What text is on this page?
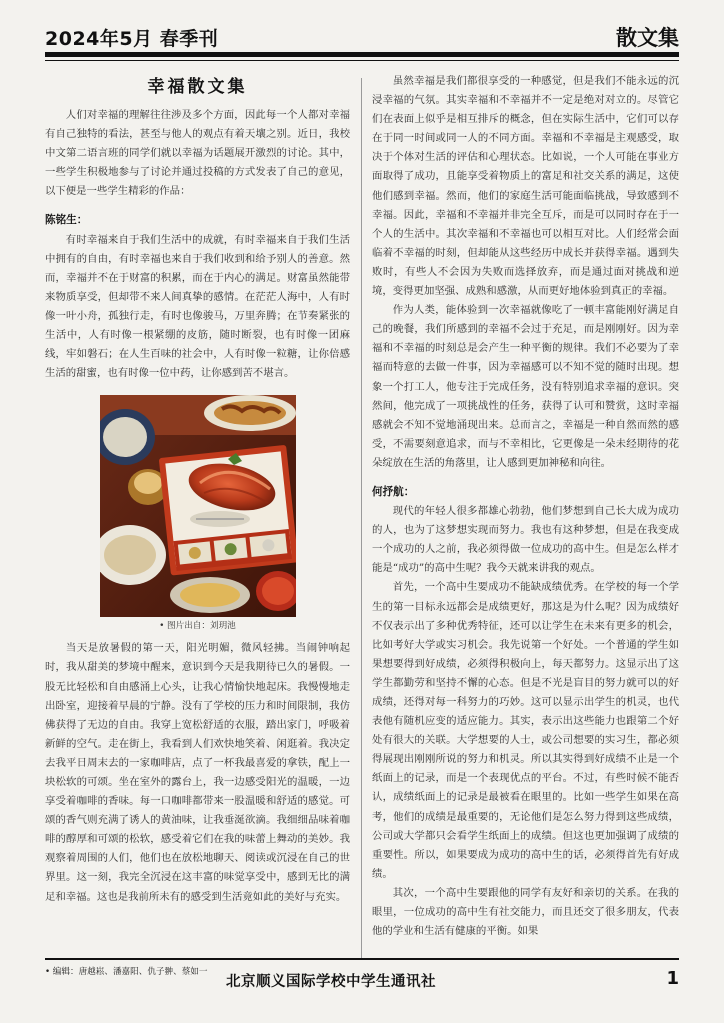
2024年5月 春季刊	散文集
幸福散文集

人们对幸福的理解往往涉及多个方面，因此每一个人都对幸福有自己独特的看法，甚至与他人的观点有着天壤之别。近日，我校中文第二语言班的同学们就以幸福为话题展开激烈的讨论。其中，一些学生积极地参与了讨论并通过投稿的方式发表了自己的意见，以下便是一些学生精彩的作品：

陈铭生：

有时幸福来自于我们生活中的成就，有时幸福来自于我们生活中拥有的自由，有时幸福也来自于我们收到和给予别人的善意。然而，幸福并不在于财富的积累，而在于内心的满足。财富虽然能带来物质享受，但却带不来人间真挚的感情。在茫茫人海中，人有时像一叶小舟，孤独行走，有时也像骏马，万里奔腾；在节奏紧张的生活中，人有时像一根紧绷的皮筋，随时断裂，也有时像一团麻线，牢如磐石；在人生百味的社会中，人有时像一粒糖，让你倍感生活的甜蜜，也有时像一位中药，让你感到苦不堪言。

• 图片出自：刘玥池

当天是放暑假的第一天，阳光明媚，微风轻拂。当闹钟响起时，我从甜美的梦境中醒来，意识到今天是我期待已久的暑假。一股无比轻松和自由感涌上心头，让我心情愉快地起床。我慢慢地走出卧室，迎接着早晨的宁静。没有了学校的压力和时间限制，我仿佛获得了无边的自由。我穿上宽松舒适的衣服，踏出家门，呼吸着新鲜的空气。走在街上，我看到人们欢快地笑着、闲逛着。我决定去我平日周末去的一家咖啡店，点了一杯我最喜爱的拿铁，配上一块松软的可颂。坐在室外的露台上，我一边感受阳光的温暖，一边享受着咖啡的香味。每一口咖啡都带来一股温暖和舒适的感觉。可颂的香气则充满了诱人的黄油味，让我垂涎欲滴。我细细品味着咖啡的醇厚和可颂的松软，感受着它们在我的味蕾上舞动的美妙。我观察着周围的人们，他们也在放松地聊天、阅读或沉浸在自己的世界里。这一刻，我完全沉浸在这丰富的味觉享受中，感到无比的满足和幸福。这也是我前所未有的感受到生活竟如此的美好与充实。

虽然幸福是我们都很享受的一种感觉，但是我们不能永远的沉浸幸福的气氛。其实幸福和不幸福并不一定是绝对对立的。尽管它们在表面上似乎是相互排斥的概念，但在实际生活中，它们可以存在于同一时间或同一人的不同方面。幸福和不幸福是主观感受，取决于个体对生活的评估和心理状态。比如说，一个人可能在事业方面取得了成功，且能享受着物质上的富足和社交关系的满足，这使他们感到幸福。然而，他们的家庭生活可能面临挑战，导致感到不幸福。因此，幸福和不幸福并非完全互斥，而是可以同时存在于一个人的生活中。其次幸福和不幸福也可以相互对比。人们经常会面临着不幸福的时刻，但却能从这些经历中成长并获得幸福。遇到失败时，有些人不会因为失败而选择放弃，而是通过面对挑战和逆境，变得更加坚强、成熟和感激，从而更好地体验到真正的幸福。

作为人类，能体验到一次幸福就像吃了一顿丰富能刚好满足自己的晚餐，我们所感到的幸福不会过于充足，而是刚刚好。因为幸福和不幸福的时刻总是会产生一种平衡的规律。我们不必要为了幸福而特意的去做一件事，因为幸福感可以不知不觉的随时出现。想象一个打工人，他专注于完成任务，没有特别追求幸福的意识。突然间，他完成了一项挑战性的任务，获得了认可和赞赏，这时幸福感就会不知不觉地涌现出来。总而言之，幸福是一种自然而然的感受，不需要刻意追求，而与不幸相比，它更像是一朵未经期待的花朵绽放在生活的角落里，让人感到更加神秘和向往。

何抒航：

现代的年轻人很多都雄心勃勃，他们梦想到自己长大成为成功的人，也为了这梦想实现而努力。我也有这种梦想，但是在我变成一个成功的人之前，我必须得做一位成功的高中生。但是怎么样才能是“成功”的高中生呢？我今天就来讲我的观点。

首先，一个高中生要成功不能缺成绩优秀。在学校的每一个学生的第一目标永远都会是成绩更好，那这是为什么呢？因为成绩好不仅表示出了多种优秀特征，还可以让学生在未来有更多的机会，比如考好大学或实习机会。我先说第一个好处。一个普通的学生如果想要得到好成绩，必须得积极向上，每天都努力。这显示出了这学生都勤劳和坚持不懈的心态。但是不光是盲目的努力就可以的好成绩，还得对每一科努力的巧妙。这可以显示出学生的机灵，也代表他有随机应变的适应能力。其实，表示出这些能力也跟第二个好处有很大的关联。大学想要的人士，或公司想要的实习生，都必须得展现出刚刚所说的努力和机灵。所以其实得到好成绩不止是一个纸面上的记录，而是一个表现优点的平台。不过，有些时候不能否认，成绩纸面上的记录是最被看在眼里的。比如一些学生如果在高考，他们的成绩是最重要的，无论他们是怎么努力得到这些成绩，公司或大学都只会看学生纸面上的成绩。但这也更加强调了成绩的重要性。所以，如果要成为成功的高中生的话，必须得首先有好成绩。

其次，一个高中生要跟他的同学有友好和亲切的关系。在我的眼里，一位成功的高中生有社交能力，而且还交了很多朋友，代表他的学业和生活有健康的平衡。如果

• 编辑：唐越崧、潘嘉阳、仇子翀、蔡如一
北京顺义国际学校中学生通讯社	1
